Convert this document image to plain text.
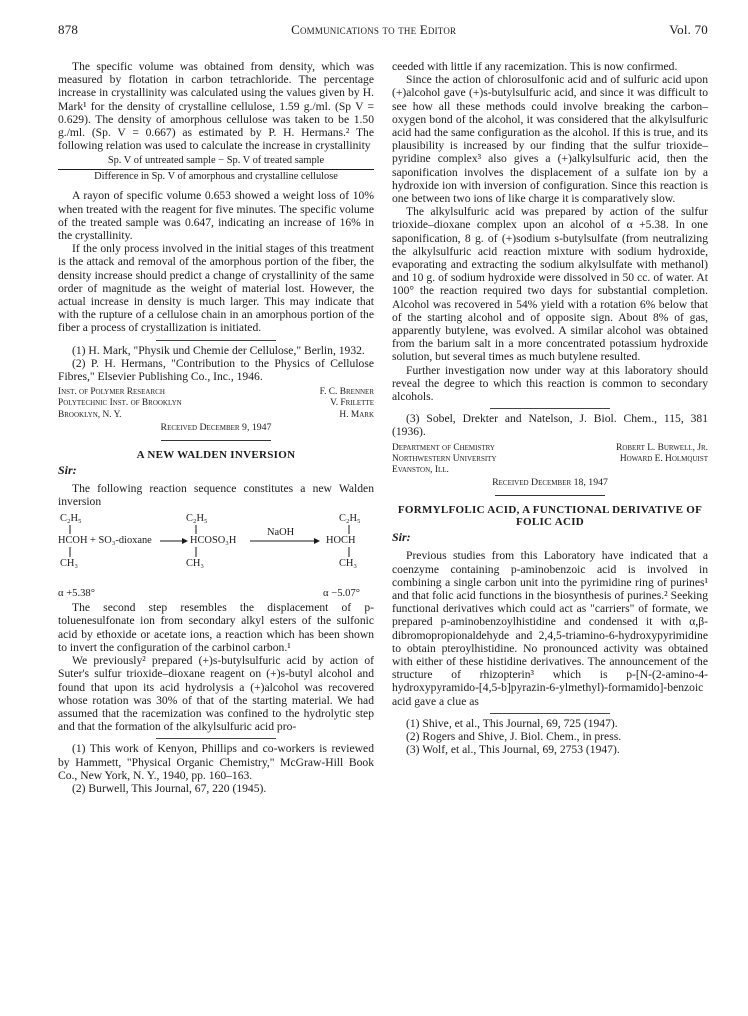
878	Communications to the Editor	Vol. 70

The specific volume was obtained from density, which was measured by flotation in carbon tetrachloride. The percentage increase in crystallinity was calculated using the values given by H. Mark¹ for the density of crystalline cellulose, 1.59 g./ml. (Sp V = 0.629). The density of amorphous cellulose was taken to be 1.50 g./ml. (Sp. V = 0.667) as estimated by P. H. Hermans.² The following relation was used to calculate the increase in crystallinity

Sp. V of untreated sample − Sp. V of treated sample
Difference in Sp. V of amorphous and crystalline cellulose

A rayon of specific volume 0.653 showed a weight loss of 10% when treated with the reagent for five minutes. The specific volume of the treated sample was 0.647, indicating an increase of 16% in the crystallinity.

If the only process involved in the initial stages of this treatment is the attack and removal of the amorphous portion of the fiber, the density increase should predict a change of crystallinity of the same order of magnitude as the weight of material lost. However, the actual increase in density is much larger. This may indicate that with the rupture of a cellulose chain in an amorphous portion of the fiber a process of crystallization is initiated.

(1) H. Mark, "Physik und Chemie der Cellulose," Berlin, 1932.

(2) P. H. Hermans, "Contribution to the Physics of Cellulose Fibres," Elsevier Publishing Co., Inc., 1946.

Inst. of Polymer Research	F. C. Brenner
Polytechnic Inst. of Brooklyn	V. Frilette
Brooklyn, N. Y.	H. Mark
Received December 9, 1947
A NEW WALDEN INVERSION
Sir:

The following reaction sequence constitutes a new Walden inversion

C₂H₅	C₂H₅	C₂H₅
HCOH + SO₃-dioxane	HCOSO₃H
NaOH
HOCH
CH₃	CH₃	CH₃
α +5.38°	α −5.07°

The second step resembles the displacement of p-toluenesulfonate ion from secondary alkyl esters of the sulfonic acid by ethoxide or acetate ions, a reaction which has been shown to invert the configuration of the carbinol carbon.¹

We previously² prepared (+)s-butylsulfuric acid by action of Suter's sulfur trioxide–dioxane reagent on (+)s-butyl alcohol and found that upon its acid hydrolysis a (+)alcohol was recovered whose rotation was 30% of that of the starting material. We had assumed that the racemization was confined to the hydrolytic step and that the formation of the alkylsulfuric acid pro-

(1) This work of Kenyon, Phillips and co-workers is reviewed by Hammett, "Physical Organic Chemistry," McGraw-Hill Book Co., New York, N. Y., 1940, pp. 160–163.

(2) Burwell, This Journal, 67, 220 (1945).

ceeded with little if any racemization. This is now confirmed.

Since the action of chlorosulfonic acid and of sulfuric acid upon (+)alcohol gave (+)s-butylsulfuric acid, and since it was difficult to see how all these methods could involve breaking the carbon–oxygen bond of the alcohol, it was considered that the alkylsulfuric acid had the same configuration as the alcohol. If this is true, and its plausibility is increased by our finding that the sulfur trioxide–pyridine complex³ also gives a (+)alkylsulfuric acid, then the saponification involves the displacement of a sulfate ion by a hydroxide ion with inversion of configuration. Since this reaction is one between two ions of like charge it is comparatively slow.

The alkylsulfuric acid was prepared by action of the sulfur trioxide–dioxane complex upon an alcohol of α +5.38. In one saponification, 8 g. of (+)sodium s-butylsulfate (from neutralizing the alkylsulfuric acid reaction mixture with sodium hydroxide, evaporating and extracting the sodium alkylsulfate with methanol) and 10 g. of sodium hydroxide were dissolved in 50 cc. of water. At 100° the reaction required two days for substantial completion. Alcohol was recovered in 54% yield with a rotation 6% below that of the starting alcohol and of opposite sign. About 8% of gas, apparently butylene, was evolved. A similar alcohol was obtained from the barium salt in a more concentrated potassium hydroxide solution, but several times as much butylene resulted.

Further investigation now under way at this laboratory should reveal the degree to which this reaction is common to secondary alcohols.

(3) Sobel, Drekter and Natelson, J. Biol. Chem., 115, 381 (1936).

Department of Chemistry	Robert L. Burwell, Jr.
Northwestern University	Howard E. Holmquist
Evanston, Ill.
Received December 18, 1947
FORMYLFOLIC ACID, A FUNCTIONAL DERIVATIVE OF FOLIC ACID
Sir:

Previous studies from this Laboratory have indicated that a coenzyme containing p-aminobenzoic acid is involved in combining a single carbon unit into the pyrimidine ring of purines¹ and that folic acid functions in the biosynthesis of purines.² Seeking functional derivatives which could act as "carriers" of formate, we prepared p-aminobenzoylhistidine and condensed it with α,β-dibromopropionaldehyde and 2,4,5-triamino-6-hydroxypyrimidine to obtain pteroylhistidine. No pronounced activity was obtained with either of these histidine derivatives. The announcement of the structure of rhizopterin³ which is p-[N-(2-amino-4-hydroxypyramido-[4,5-b]pyrazin-6-ylmethyl)-formamido]-benzoic acid gave a clue as

(1) Shive, et al., This Journal, 69, 725 (1947).

(2) Rogers and Shive, J. Biol. Chem., in press.

(3) Wolf, et al., This Journal, 69, 2753 (1947).
